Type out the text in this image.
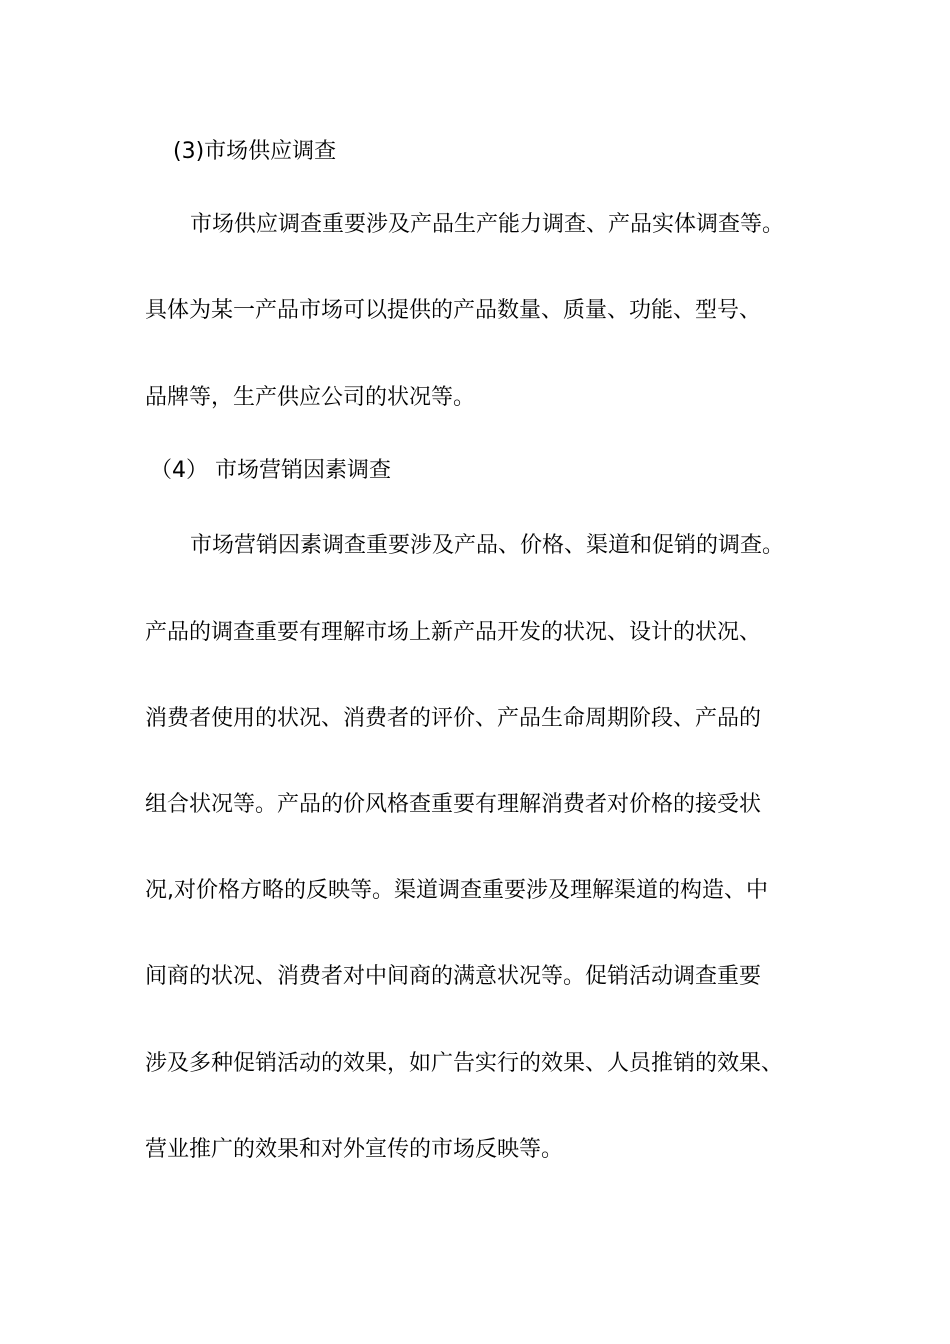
(3)市场供应调查
市场供应调查重要涉及产品生产能力调查、产品实体调查等。
具体为某一产品市场可以提供的产品数量、质量、功能、型号、
品牌等，生产供应公司的状况等。
（4） 市场营销因素调查
市场营销因素调查重要涉及产品、价格、渠道和促销的调查。
产品的调查重要有理解市场上新产品开发的状况、设计的状况、
消费者使用的状况、消费者的评价、产品生命周期阶段、产品的
组合状况等。产品的价风格查重要有理解消费者对价格的接受状
况,对价格方略的反映等。渠道调查重要涉及理解渠道的构造、中
间商的状况、消费者对中间商的满意状况等。促销活动调查重要
涉及多种促销活动的效果，如广告实行的效果、人员推销的效果、
营业推广的效果和对外宣传的市场反映等。
